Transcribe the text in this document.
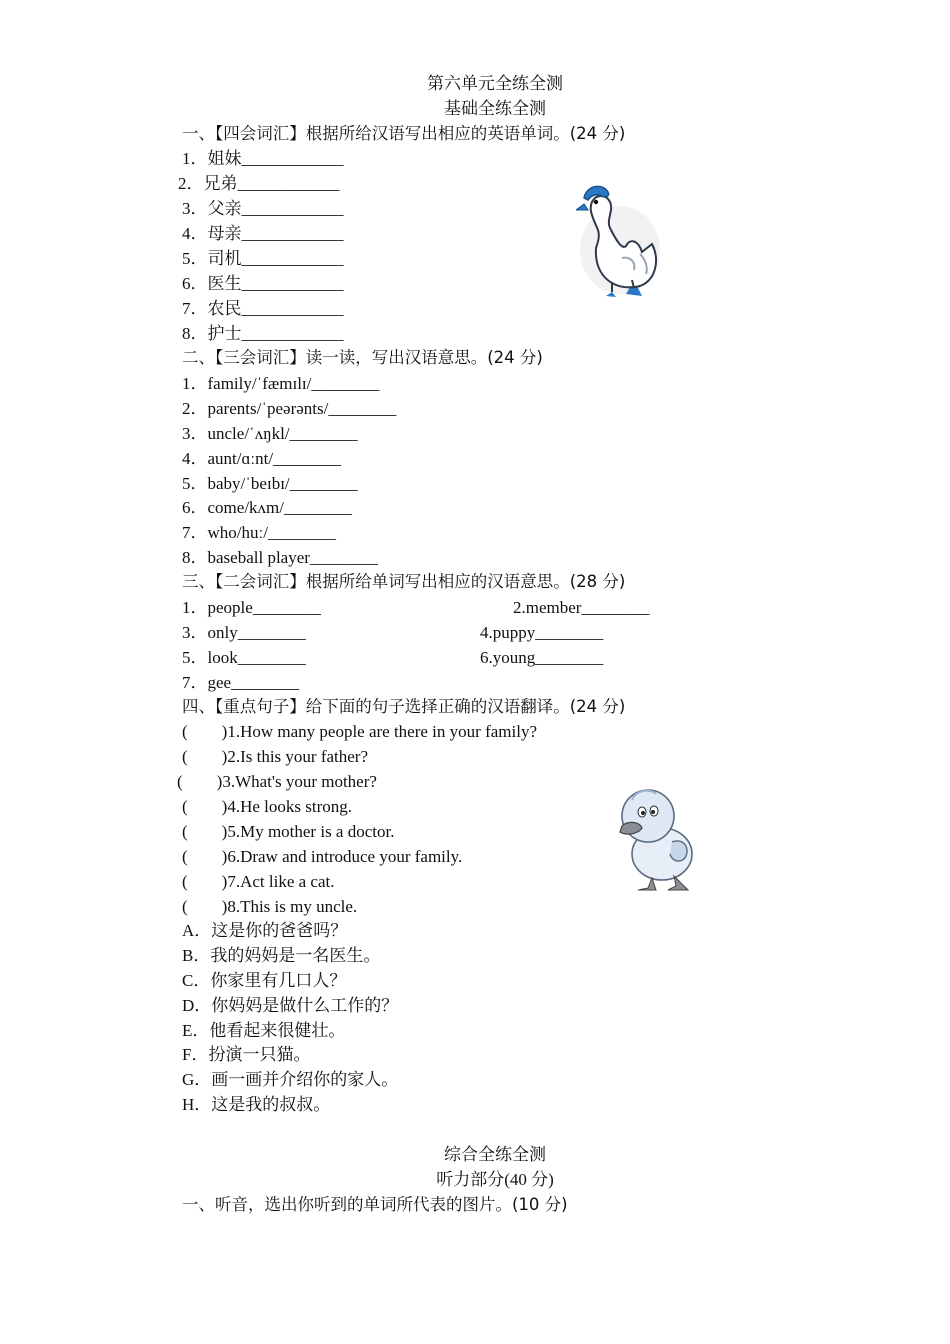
第六单元全练全测
基础全练全测
一、【四会词汇】根据所给汉语写出相应的英语单词。(24 分)
1．姐妹____________
2．兄弟____________
3．父亲____________
4．母亲____________
5．司机____________
6．医生____________
7．农民____________
8．护士____________
二、【三会词汇】读一读，写出汉语意思。(24 分)
1．family/ˈfæmɪlɪ/________
2．parents/ˈpeərənts/________
3．uncle/ˈʌŋkl/________
4．aunt/ɑːnt/________
5．baby/ˈbeɪbɪ/________
6．come/kʌm/________
7．who/huː/________
8．baseball player________
三、【二会词汇】根据所给单词写出相应的汉语意思。(28 分)
1．people________	2.member________
3．only________	4.puppy________
5．look________	6.young________
7．gee________
四、【重点句子】给下面的句子选择正确的汉语翻译。(24 分)
(　　)1.How many people are there in your family?
(　　)2.Is this your father?
(　　)3.What's your mother?
(　　)4.He looks strong.
(　　)5.My mother is a doctor.
(　　)6.Draw and introduce your family.
(　　)7.Act like a cat.
(　　)8.This is my uncle.
A．这是你的爸爸吗？
B．我的妈妈是一名医生。
C．你家里有几口人？
D．你妈妈是做什么工作的？
E．他看起来很健壮。
F．扮演一只猫。
G．画一画并介绍你的家人。
H．这是我的叔叔。
综合全练全测
听力部分(40 分)
一、听音，选出你听到的单词所代表的图片。(10 分)
